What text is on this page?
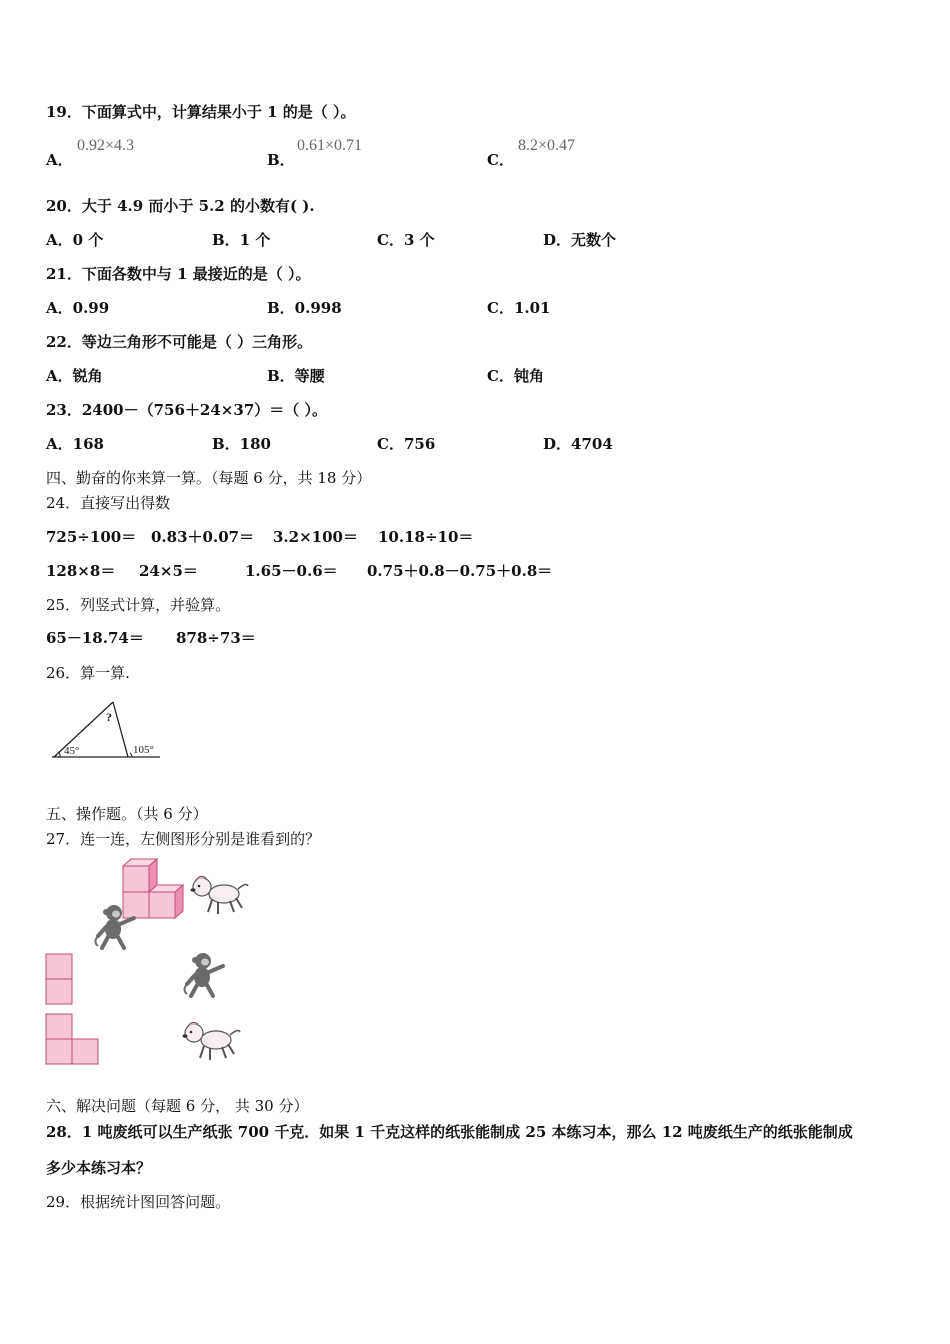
19．下面算式中，计算结果小于 1 的是（ ）。
A．
0.92×4.3
B．
0.61×0.71
C．
8.2×0.47
20．大于 4.9 而小于 5.2 的小数有( ).
A．0 个	B．1 个	C．3 个	D．无数个
21．下面各数中与 1 最接近的是（ ）。
A．0.99	B．0.998	C．1.01
22．等边三角形不可能是（ ）三角形。
A．锐角	B．等腰	C．钝角
23．2400－（756＋24×37）＝（ ）。
A．168	B．180	C．756	D．4704
四、勤奋的你来算一算。（每题 6 分，共 18 分）
24．直接写出得数
725÷100＝ 0.83＋0.07＝ 3.2×100＝ 10.18÷10＝
128×8＝ 24×5＝	1.65－0.6＝ 0.75＋0.8－0.75＋0.8＝
25．列竖式计算，并验算。
65－18.74＝ 878÷73＝
26．算一算.
45°	105°
?
五、操作题。（共 6 分）
27．连一连，左侧图形分别是谁看到的？
六、解决问题（每题 6 分， 共 30 分）
28．1 吨废纸可以生产纸张 700 千克．如果 1 千克这样的纸张能制成 25 本练习本，那么 12 吨废纸生产的纸张能制成
多少本练习本？
29．根据统计图回答问题。
